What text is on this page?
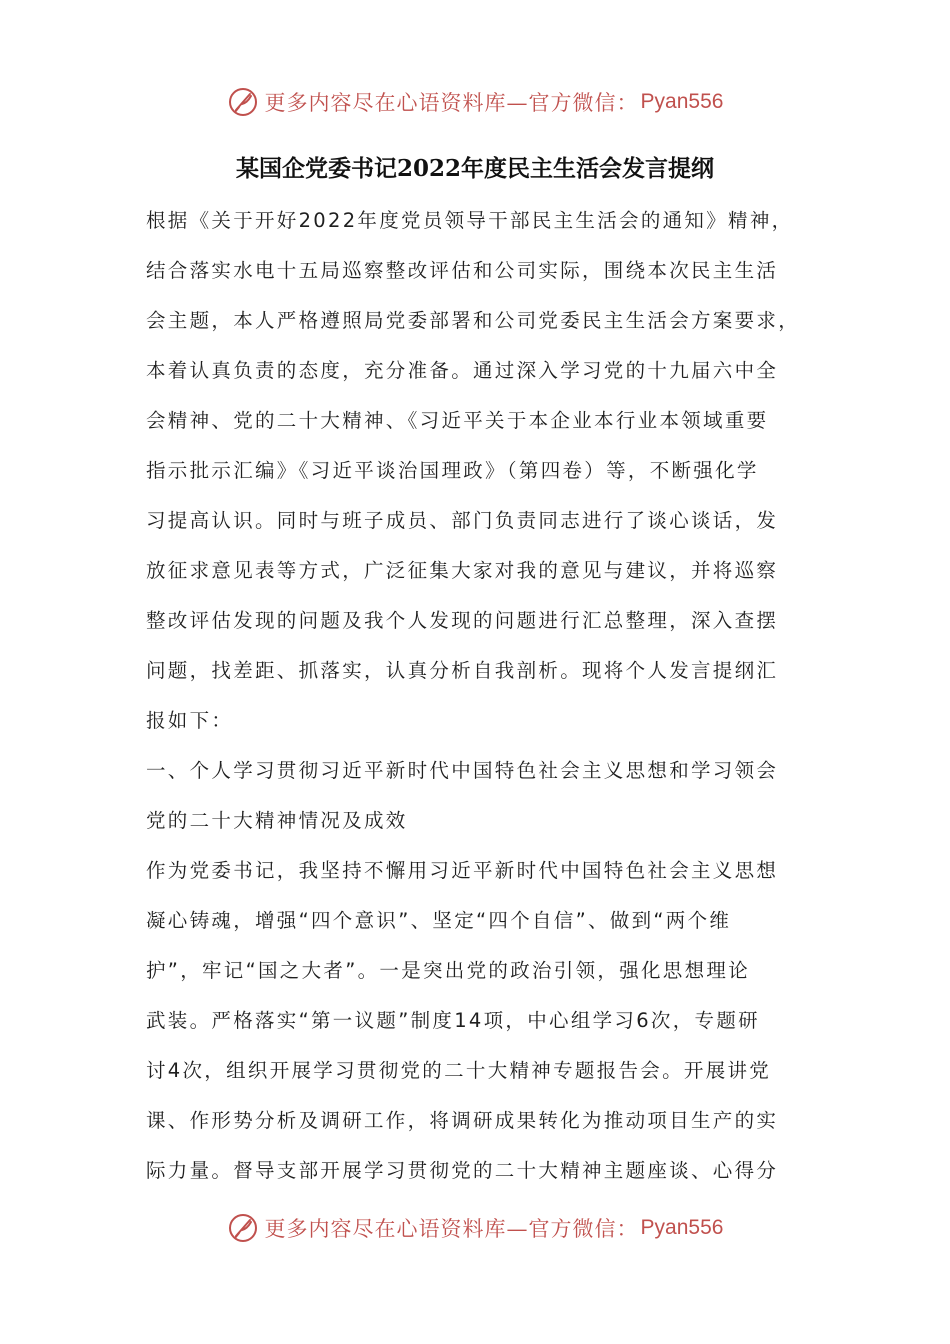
更多内容尽在心语资料库—官方微信： Pyan556
某国企党委书记2022年度民主生活会发言提纲
根据《关于开好2022年度党员领导干部民主生活会的通知》精神，
结合落实水电十五局巡察整改评估和公司实际，围绕本次民主生活
会主题，本人严格遵照局党委部署和公司党委民主生活会方案要求，
本着认真负责的态度，充分准备。通过深入学习党的十九届六中全
会精神、党的二十大精神、《习近平关于本企业本行业本领域重要
指示批示汇编》《习近平谈治国理政》（第四卷）等，不断强化学
习提高认识。同时与班子成员、部门负责同志进行了谈心谈话，发
放征求意见表等方式，广泛征集大家对我的意见与建议，并将巡察
整改评估发现的问题及我个人发现的问题进行汇总整理，深入查摆
问题，找差距、抓落实，认真分析自我剖析。现将个人发言提纲汇
报如下：
一、个人学习贯彻习近平新时代中国特色社会主义思想和学习领会
党的二十大精神情况及成效
作为党委书记，我坚持不懈用习近平新时代中国特色社会主义思想
凝心铸魂，增强“四个意识”、坚定“四个自信”、做到“两个维
护”，牢记“国之大者”。一是突出党的政治引领，强化思想理论
武装。严格落实“第一议题”制度14项，中心组学习6次，专题研
讨4次，组织开展学习贯彻党的二十大精神专题报告会。开展讲党
课、作形势分析及调研工作，将调研成果转化为推动项目生产的实
际力量。督导支部开展学习贯彻党的二十大精神主题座谈、心得分
更多内容尽在心语资料库—官方微信： Pyan556
